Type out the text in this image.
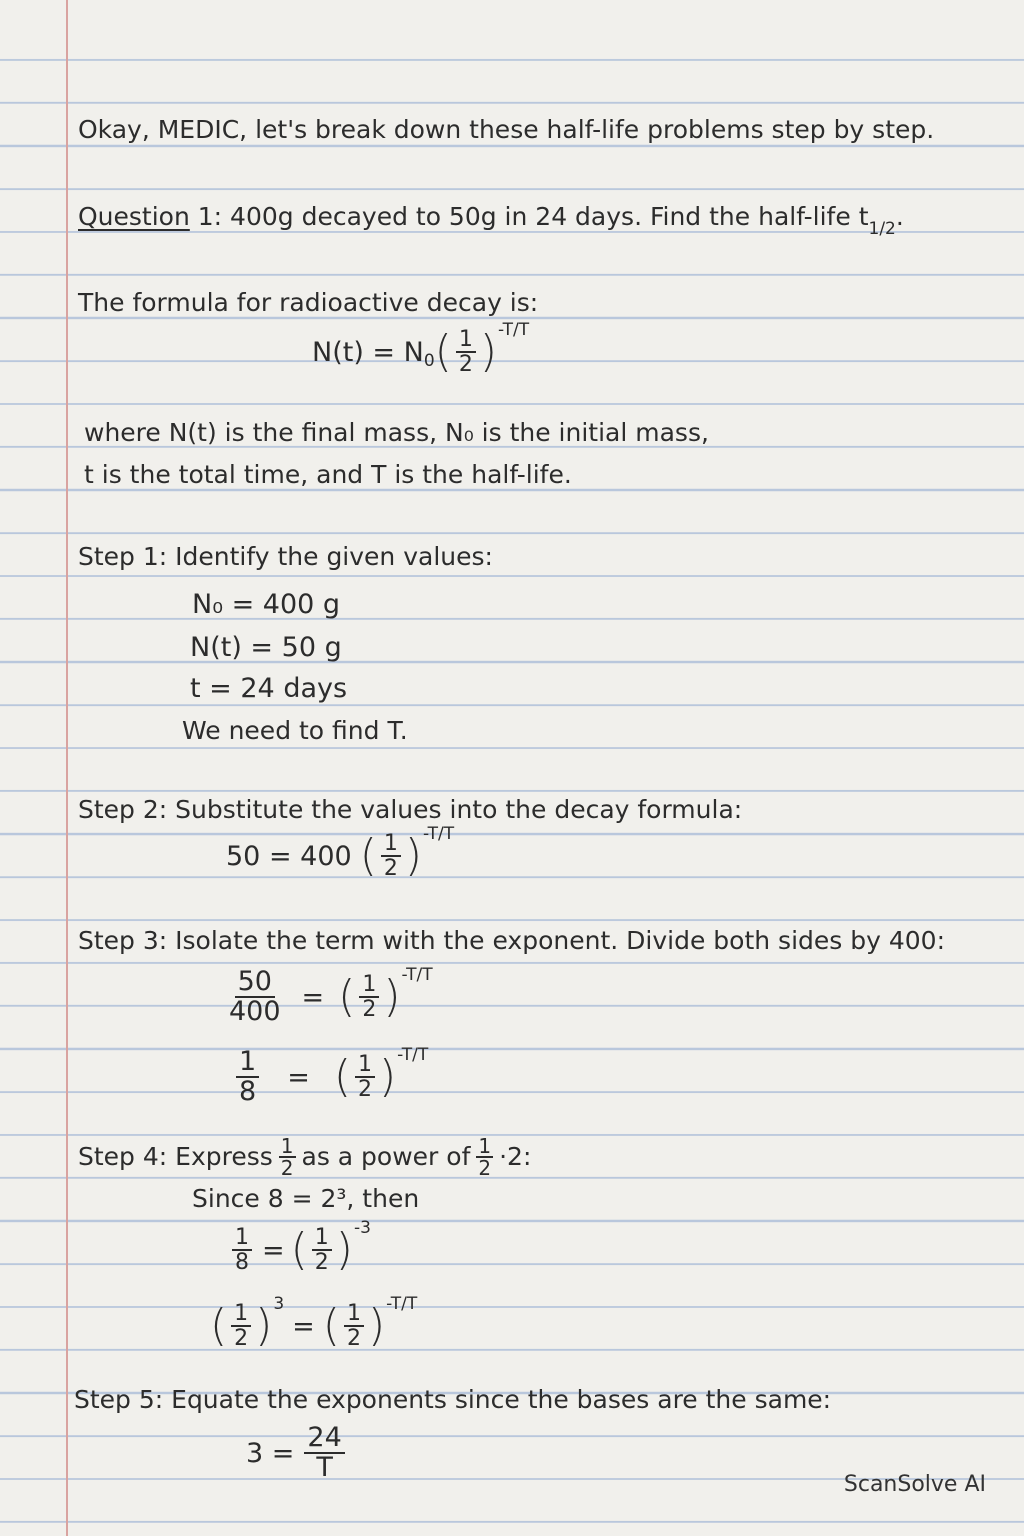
Okay, MEDIC, let's break down these half-life problems step by step.
Question 1: 400g decayed to 50g in 24 days. Find the half-life $t_{1/2}$.
The formula for radioactive decay is:
N(t) = N 0 ( $\frac{1}{2}$ ) -T/T
where N(t) is the final mass, N₀ is the initial mass,
t is the total time, and T is the half-life.
Step 1: Identify the given values:
N₀ = 400 g
N(t) = 50 g
t = 24 days
We need to find T.
Step 2: Substitute the values into the decay formula:
50 = 400 ( $\frac{1}{2}$ ) -T/T
Step 3: Isolate the term with the exponent. Divide both sides by 400:
$\frac{50}{400}$ = ( $\frac{1}{2}$ ) -T/T
$\frac{1}{8}$ = ( $\frac{1}{2}$ ) -T/T
Step 4: Express $\frac{1}{2}$ as a power of $\frac{1}{2} \cdot 2$:
Since 8 = 2³, then
$\frac{1}{8}$ = ( $\frac{1}{2}$ ) -3
( $\frac{1}{2}$ ) 3
= ( $\frac{1}{2}$ ) -T/T
Step 5: Equate the exponents since the bases are the same:
$3 = \frac{24}{T}$
ScanSolve AI
